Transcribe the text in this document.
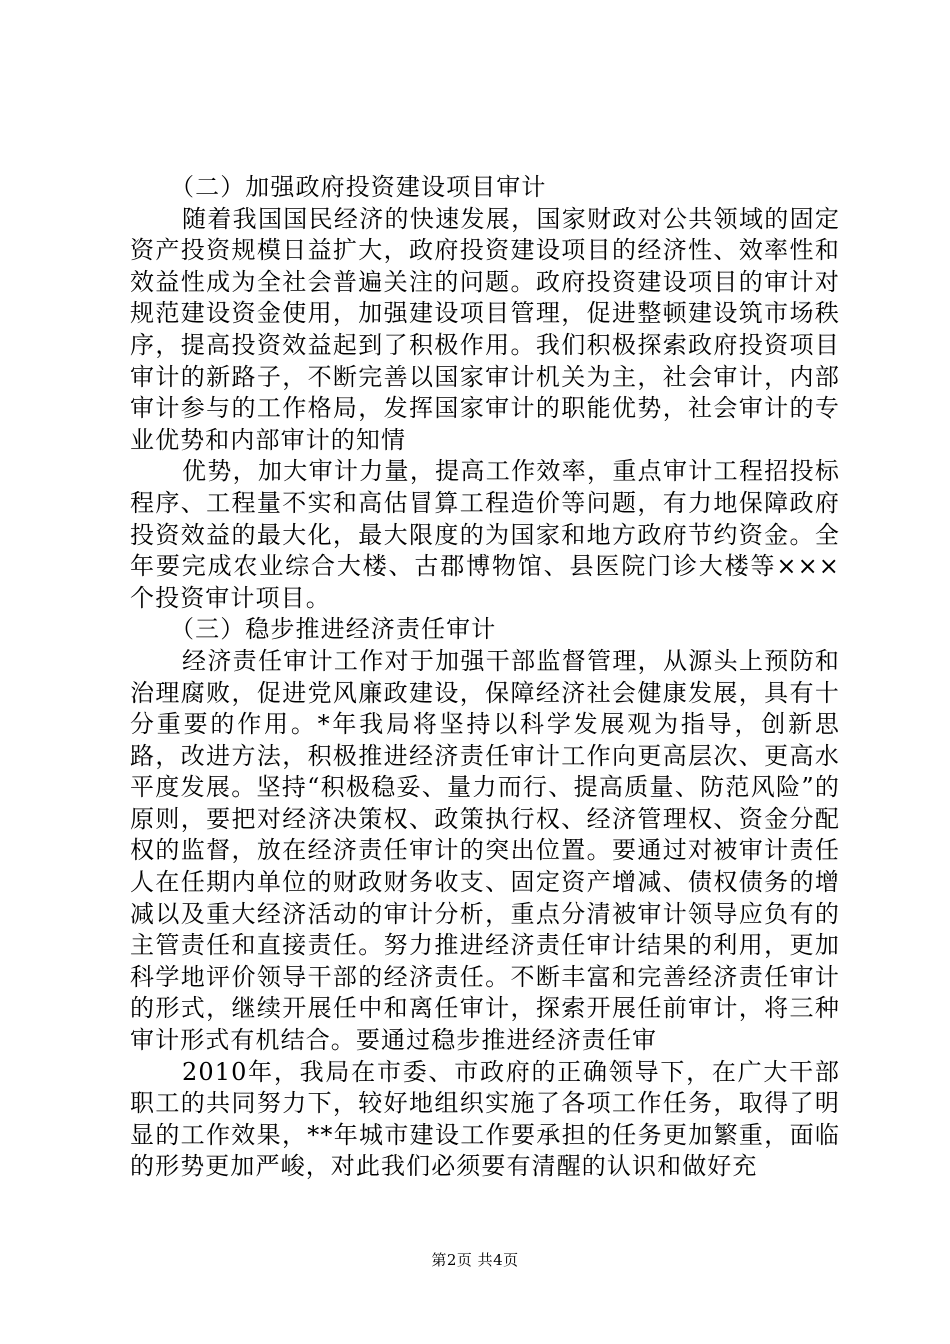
（二）加强政府投资建设项目审计

随着我国国民经济的快速发展，国家财政对公共领域的固定资产投资规模日益扩大，政府投资建设项目的经济性、效率性和效益性成为全社会普遍关注的问题。政府投资建设项目的审计对规范建设资金使用，加强建设项目管理，促进整顿建设筑市场秩序，提高投资效益起到了积极作用。我们积极探索政府投资项目审计的新路子，不断完善以国家审计机关为主，社会审计，内部审计参与的工作格局，发挥国家审计的职能优势，社会审计的专业优势和内部审计的知情

优势，加大审计力量，提高工作效率，重点审计工程招投标程序、工程量不实和高估冒算工程造价等问题，有力地保障政府投资效益的最大化，最大限度的为国家和地方政府节约资金。全年要完成农业综合大楼、古郡博物馆、县医院门诊大楼等×××个投资审计项目。

（三）稳步推进经济责任审计

经济责任审计工作对于加强干部监督管理，从源头上预防和治理腐败，促进党风廉政建设，保障经济社会健康发展，具有十分重要的作用。*年我局将坚持以科学发展观为指导，创新思路，改进方法，积极推进经济责任审计工作向更高层次、更高水平度发展。坚持“积极稳妥、量力而行、提高质量、防范风险”的原则，要把对经济决策权、政策执行权、经济管理权、资金分配权的监督，放在经济责任审计的突出位置。要通过对被审计责任人在任期内单位的财政财务收支、固定资产增减、债权债务的增减以及重大经济活动的审计分析，重点分清被审计领导应负有的主管责任和直接责任。努力推进经济责任审计结果的利用，更加科学地评价领导干部的经济责任。不断丰富和完善经济责任审计的形式，继续开展任中和离任审计，探索开展任前审计，将三种审计形式有机结合。要通过稳步推进经济责任审

2010年，我局在市委、市政府的正确领导下，在广大干部职工的共同努力下，较好地组织实施了各项工作任务，取得了明显的工作效果，**年城市建设工作要承担的任务更加繁重，面临的形势更加严峻，对此我们必须要有清醒的认识和做好充

第2页 共4页
